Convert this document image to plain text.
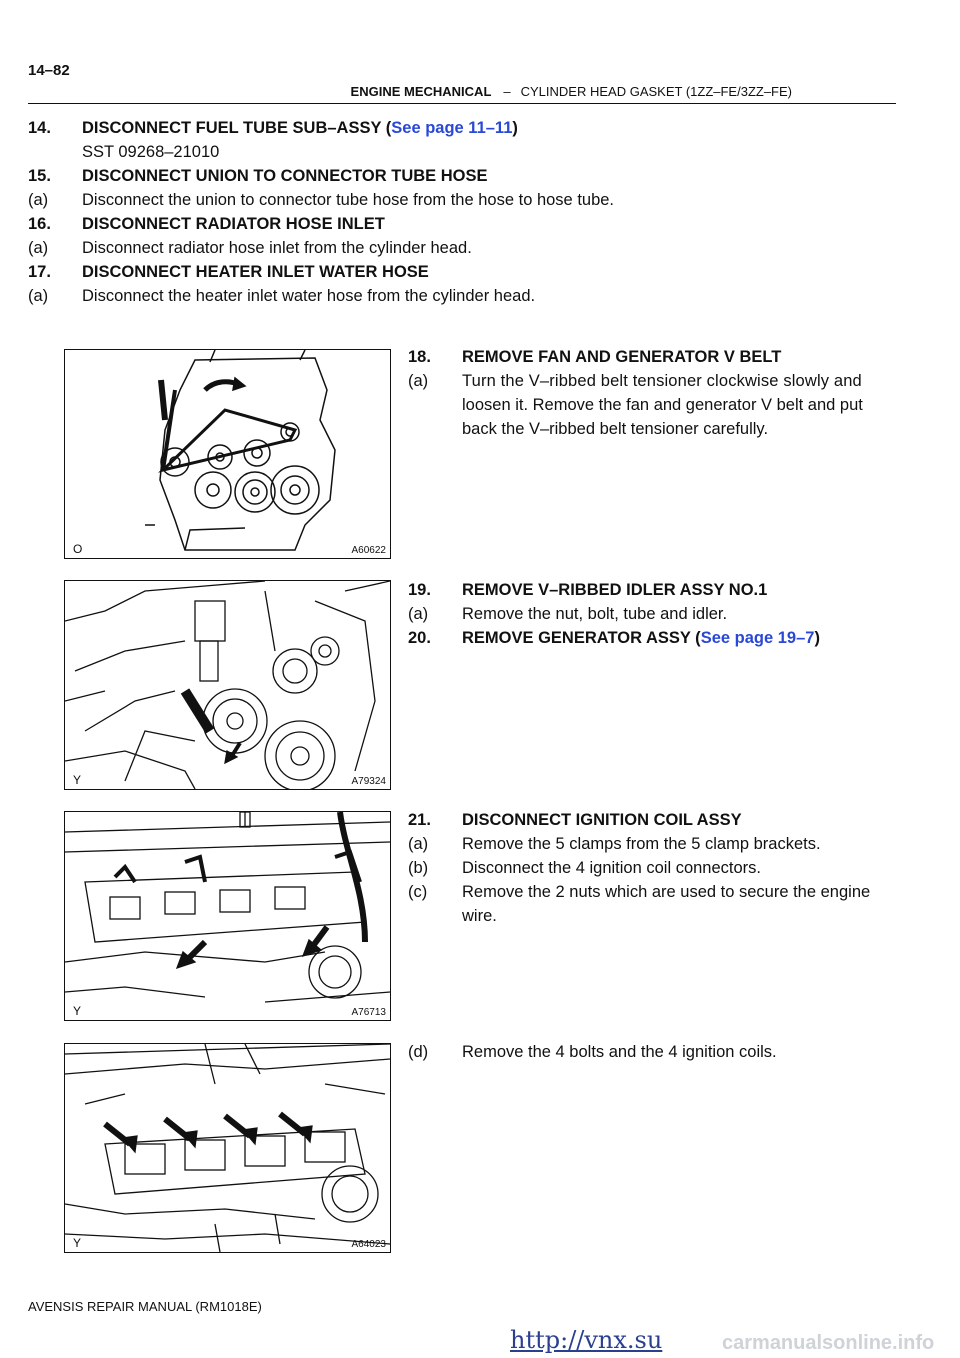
14–82
ENGINE MECHANICAL – CYLINDER HEAD GASKET (1ZZ–FE/3ZZ–FE)
14. DISCONNECT FUEL TUBE SUB–ASSY (See page 11–11)
SST 09268–21010
15. DISCONNECT UNION TO CONNECTOR TUBE HOSE
(a) Disconnect the union to connector tube hose from the hose to hose tube.
16. DISCONNECT RADIATOR HOSE INLET
(a) Disconnect radiator hose inlet from the cylinder head.
17. DISCONNECT HEATER INLET WATER HOSE
(a) Disconnect the heater inlet water hose from the cylinder head.
O	A60622
18. REMOVE FAN AND GENERATOR V BELT
(a) Turn the V–ribbed belt tensioner clockwise slowly and
loosen it. Remove the fan and generator V belt and put
back the V–ribbed belt tensioner carefully.
Y	A79324
19. REMOVE V–RIBBED IDLER ASSY NO.1
(a) Remove the nut, bolt, tube and idler.
20. REMOVE GENERATOR ASSY (See page 19–7)
Y	A76713
21. DISCONNECT IGNITION COIL ASSY
(a) Remove the 5 clamps from the 5 clamp brackets.
(b) Disconnect the 4 ignition coil connectors.
(c) Remove the 2 nuts which are used to secure the engine
wire.
Y	A64023
(d) Remove the 4 bolts and the 4 ignition coils.
AVENSIS REPAIR MANUAL (RM1018E)
http://vnx.su	carmanualsonline.info
